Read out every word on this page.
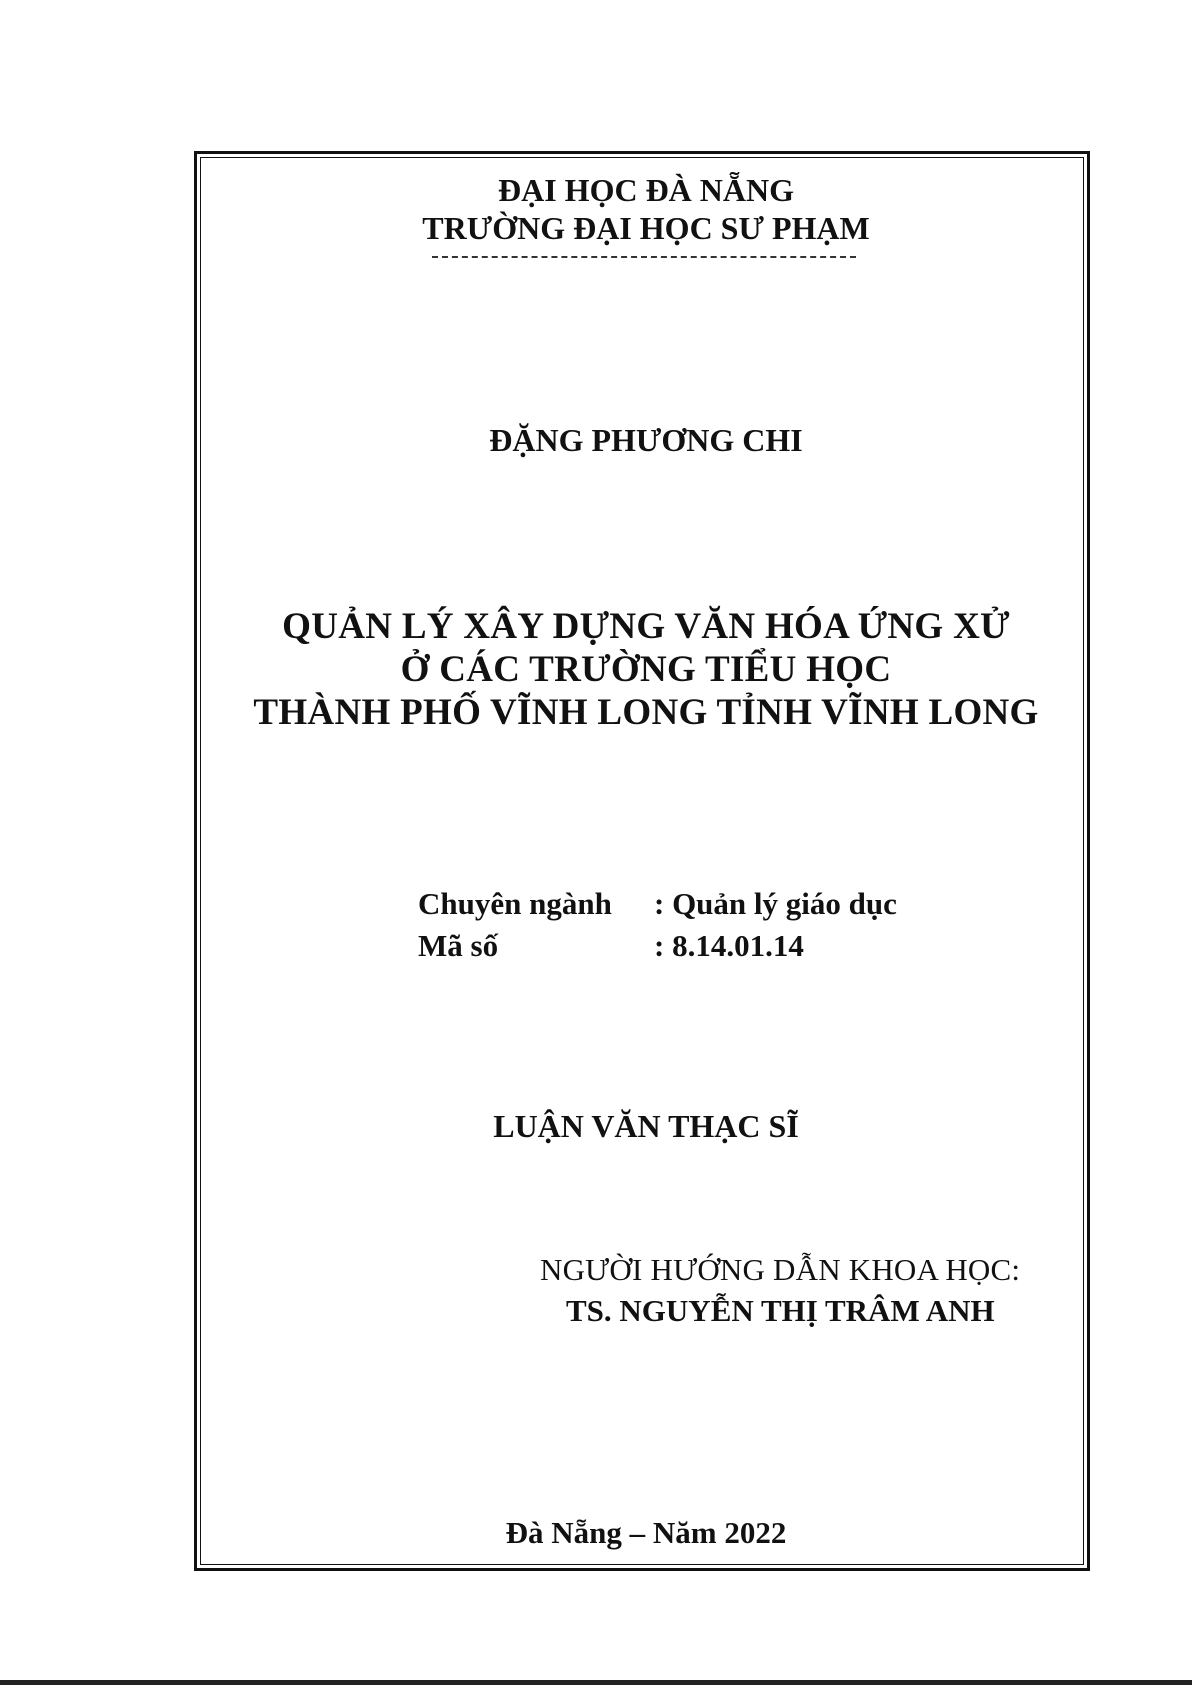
ĐẠI HỌC ĐÀ NẴNG
TRƯỜNG ĐẠI HỌC SƯ PHẠM
ĐẶNG PHƯƠNG CHI
QUẢN LÝ XÂY DỰNG VĂN HÓA ỨNG XỬ
Ở CÁC TRƯỜNG TIỂU HỌC
THÀNH PHỐ VĨNH LONG TỈNH VĨNH LONG
Chuyên ngành	: Quản lý giáo dục
Mã số	: 8.14.01.14
LUẬN VĂN THẠC SĨ
NGƯỜI HƯỚNG DẪN KHOA HỌC:
TS. NGUYỄN THỊ TRÂM ANH
Đà Nẵng – Năm 2022
